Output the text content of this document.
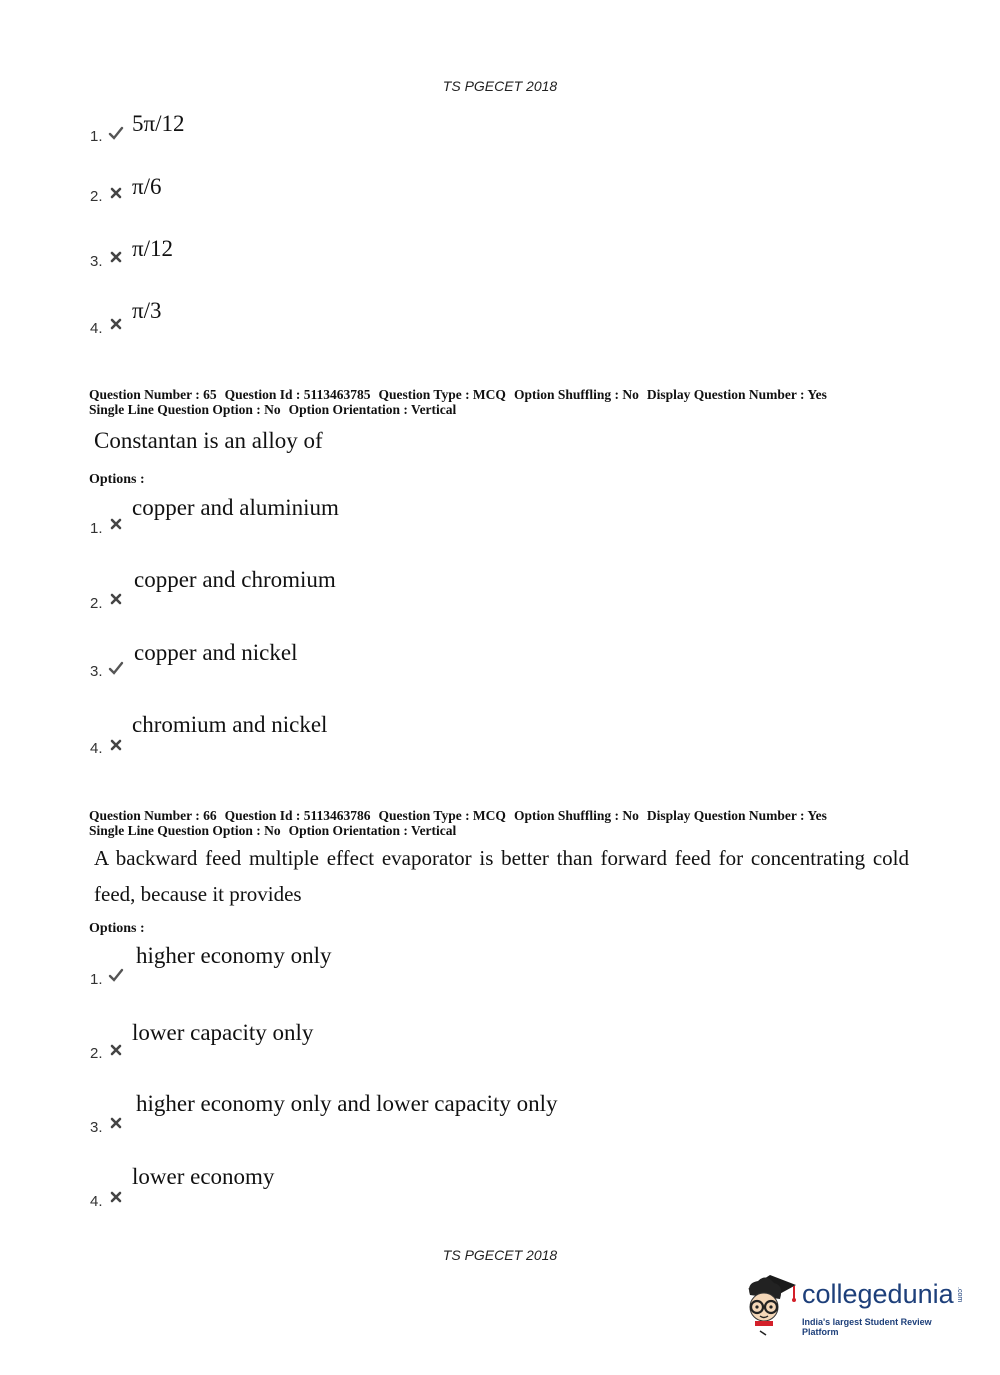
TS PGECET 2018
1.
5π/12
2. π/6
3.
π/12
4.
π/3
Question Number : 65 Question Id : 5113463785 Question Type : MCQ Option Shuffling : No Display Question Number : Yes
Single Line Question Option : No Option Orientation : Vertical
Constantan is an alloy of
Options :
1.
copper and aluminium
2.
copper and chromium
3.
copper and nickel
4.
chromium and nickel
Question Number : 66 Question Id : 5113463786 Question Type : MCQ Option Shuffling : No Display Question Number : Yes
Single Line Question Option : No Option Orientation : Vertical
A backward feed multiple effect evaporator is better than forward feed for concentrating cold feed, because it provides
Options :
1.
higher economy only
2.
lower capacity only
3.
higher economy only and lower capacity only
4.
lower economy
TS PGECET 2018
collegedunia .com
India's largest Student Review Platform
